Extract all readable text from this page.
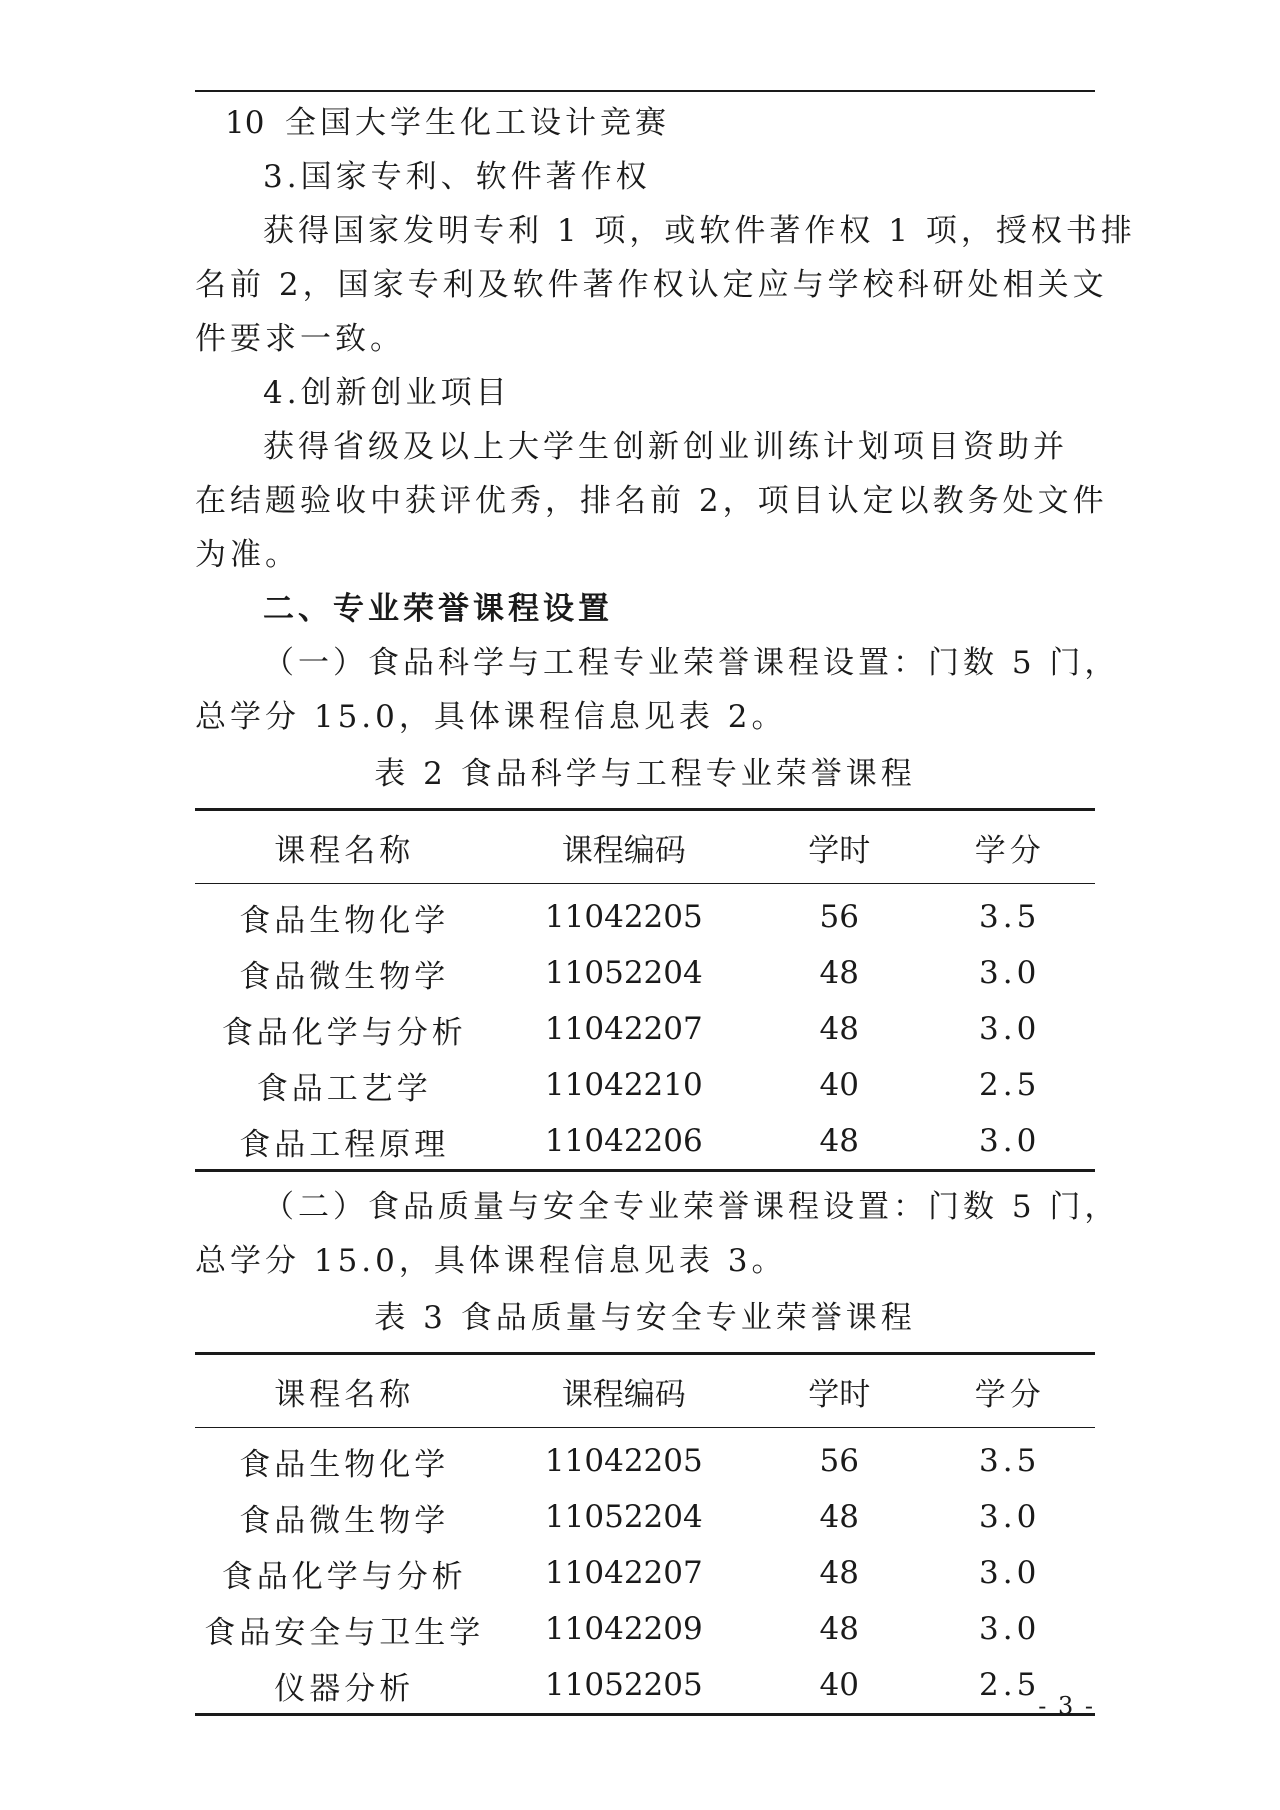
10 全国大学生化工设计竞赛
3.国家专利、软件著作权
获得国家发明专利 1 项，或软件著作权 1 项，授权书排
名前 2，国家专利及软件著作权认定应与学校科研处相关文
件要求一致。
4.创新创业项目
获得省级及以上大学生创新创业训练计划项目资助并
在结题验收中获评优秀，排名前 2，项目认定以教务处文件
为准。
二、专业荣誉课程设置
（一）食品科学与工程专业荣誉课程设置：门数 5 门，
总学分 15.0，具体课程信息见表 2。
表 2 食品科学与工程专业荣誉课程
课程名称	课程编码	学时	学分
食品生物化学	11042205	56	3.5
食品微生物学	11052204	48	3.0
食品化学与分析	11042207	48	3.0
食品工艺学	11042210	40	2.5
食品工程原理	11042206	48	3.0
（二）食品质量与安全专业荣誉课程设置：门数 5 门，
总学分 15.0，具体课程信息见表 3。
表 3 食品质量与安全专业荣誉课程
课程名称	课程编码	学时	学分
食品生物化学	11042205	56	3.5
食品微生物学	11052204	48	3.0
食品化学与分析	11042207	48	3.0
食品安全与卫生学	11042209	48	3.0
仪器分析	11052205	40	2.5
- 3 -
